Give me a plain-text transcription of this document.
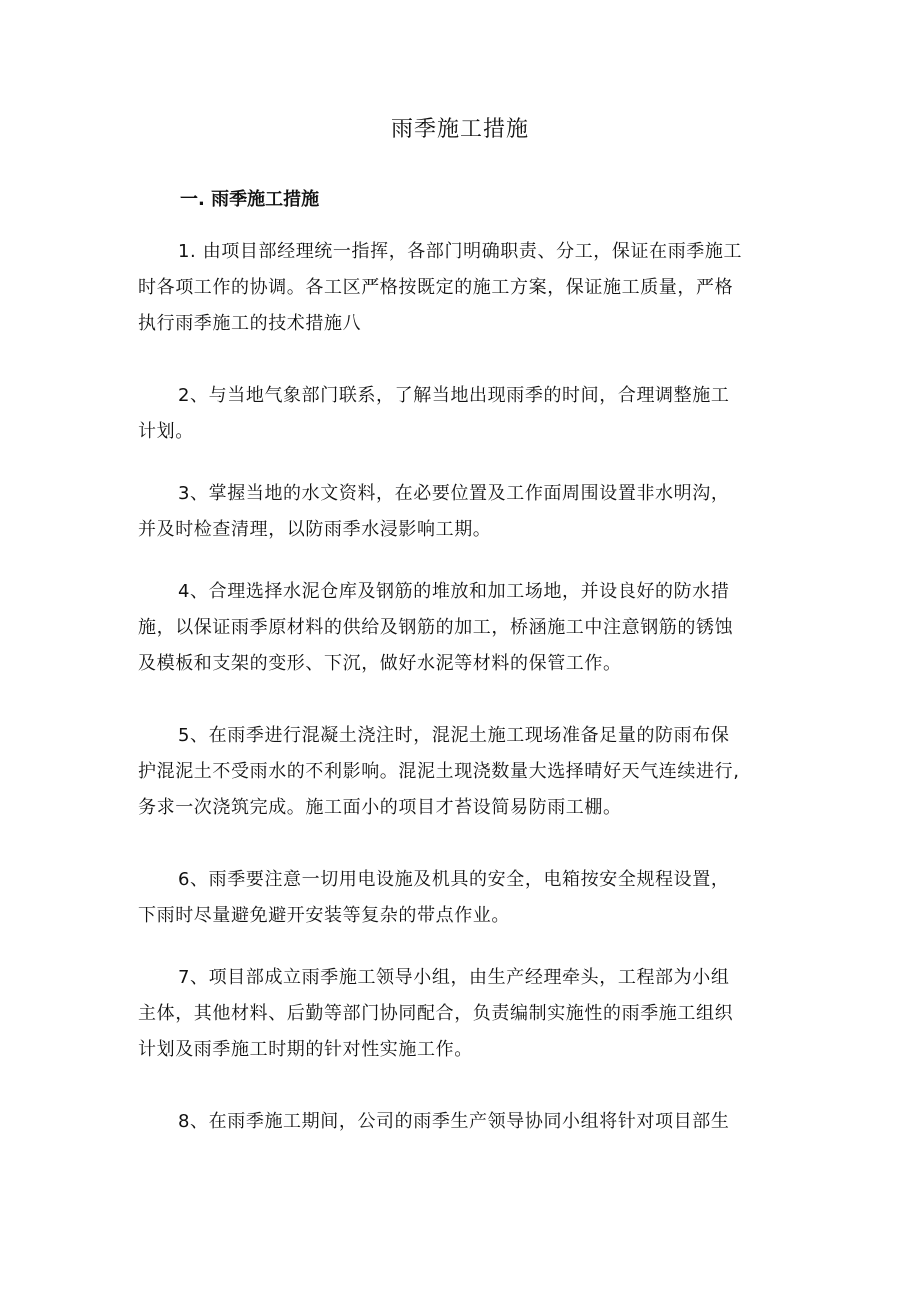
雨季施工措施
一. 雨季施工措施
1. 由项目部经理统一指挥，各部门明确职责、分工，保证在雨季施工
时各项工作的协调。各工区严格按既定的施工方案，保证施工质量，严格
执行雨季施工的技术措施八
2、与当地气象部门联系，了解当地出现雨季的时间，合理调整施工
计划。
3、掌握当地的水文资料，在必要位置及工作面周围设置非水明沟，
并及时检查清理，以防雨季水浸影响工期。
4、合理选择水泥仓库及钢筋的堆放和加工场地，并设良好的防水措
施，以保证雨季原材料的供给及钢筋的加工，桥涵施工中注意钢筋的锈蚀
及模板和支架的变形、下沉，做好水泥等材料的保管工作。
5、在雨季进行混凝土浇注时，混泥土施工现场准备足量的防雨布保
护混泥土不受雨水的不利影响。混泥土现浇数量大选择晴好天气连续进行,
务求一次浇筑完成。施工面小的项目才苔设简易防雨工棚。
6、雨季要注意一切用电设施及机具的安全，电箱按安全规程设置，
下雨时尽量避免避开安装等复杂的带点作业。
7、项目部成立雨季施工领导小组，由生产经理牵头，工程部为小组
主体，其他材料、后勤等部门协同配合，负责编制实施性的雨季施工组织
计划及雨季施工时期的针对性实施工作。
8、在雨季施工期间，公司的雨季生产领导协同小组将针对项目部生
